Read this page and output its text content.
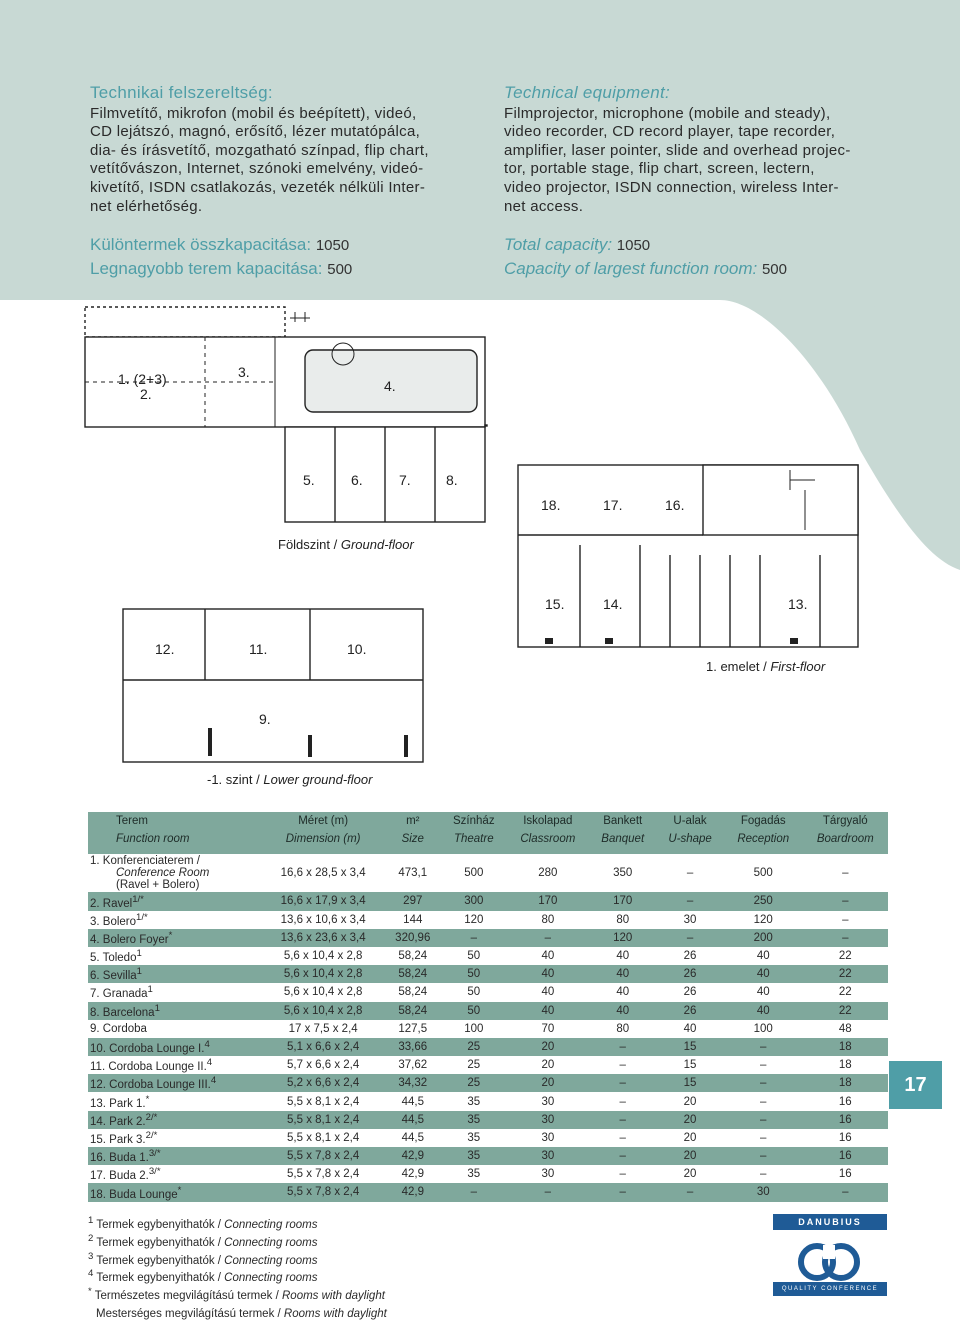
Technikai felszereltség:
Filmvetítő, mikrofon (mobil és beépített), videó,
CD lejátszó, magnó, erősítő, lézer mutatópálca,
dia- és írásvetítő, mozgatható színpad, flip chart,
vetítővászon, Internet, szónoki emelvény, videó-
kivetítő, ISDN csatlakozás, vezeték nélküli Inter-
net elérhetőség.
Különtermek összkapacitása: 1050
Legnagyobb terem kapacitása: 500
Technical equipment:
Filmprojector, microphone (mobile and steady),
video recorder, CD record player, tape recorder,
amplifier, laser pointer, slide and overhead projec-
tor, portable stage, flip chart, screen, lectern,
video projector, ISDN connection, wireless Inter-
net access.
Total capacity: 1050
Capacity of largest function room: 500
1. (2+3)
2.
3.
4.
5.	6.	7.	8.
Földszint / Ground-floor
18.	17.	16.
15.	14.	13.
1. emelet / First-floor
12.	11.	10.
9.
-1. szint / Lower ground-floor
Terem	Méret (m)	m²	Színház	Iskolapad	Bankett	U-alak	Fogadás	Tárgyaló
Function room	Dimension (m)	Size	Theatre	Classroom	Banquet	U-shape	Reception	Boardroom
1. Konferenciaterem /
Conference Room
(Ravel + Bolero)	16,6 x 28,5 x 3,4	473,1	500	280	350	–	500	–
2. Ravel$^{1/*}$	16,6 x 17,9 x 3,4	297	300	170	170	–	250	–
3. Bolero$^{1/*}$	13,6 x 10,6 x 3,4	144	120	80	80	30	120	–
4. Bolero Foyer*	13,6 x 23,6 x 3,4	320,96	–	–	120	–	200	–
5. Toledo$^1$	5,6 x 10,4 x 2,8	58,24	50	40	40	26	40	22
6. Sevilla$^1$	5,6 x 10,4 x 2,8	58,24	50	40	40	26	40	22
7. Granada$^1$	5,6 x 10,4 x 2,8	58,24	50	40	40	26	40	22
8. Barcelona$^1$	5,6 x 10,4 x 2,8	58,24	50	40	40	26	40	22
9. Cordoba	17 x 7,5 x 2,4	127,5	100	70	80	40	100	48
10. Cordoba Lounge I.$^4$	5,1 x 6,6 x 2,4	33,66	25	20	–	15	–	18
11. Cordoba Lounge II.$^4$	5,7 x 6,6 x 2,4	37,62	25	20	–	15	–	18
12. Cordoba Lounge III.$^4$	5,2 x 6,6 x 2,4	34,32	25	20	–	15	–	18
13. Park 1.*	5,5 x 8,1 x 2,4	44,5	35	30	–	20	–	16
14. Park 2.$^{2/*}$	5,5 x 8,1 x 2,4	44,5	35	30	–	20	–	16
15. Park 3.$^{2/*}$	5,5 x 8,1 x 2,4	44,5	35	30	–	20	–	16
16. Buda 1.$^{3/*}$	5,5 x 7,8 x 2,4	42,9	35	30	–	20	–	16
17. Buda 2.$^{3/*}$	5,5 x 7,8 x 2,4	42,9	35	30	–	20	–	16
18. Buda Lounge*	5,5 x 7,8 x 2,4	42,9	–	–	–	–	30	–
17
$^1$ Termek egybenyithatók / Connecting rooms
$^2$ Termek egybenyithatók / Connecting rooms
$^3$ Termek egybenyithatók / Connecting rooms
$^4$ Termek egybenyithatók / Connecting rooms
* Természetes megvilágítású termek / Rooms with daylight
Mesterséges megvilágítású termek / Rooms with daylight
DANUBIUS
QUALITY CONFERENCE
